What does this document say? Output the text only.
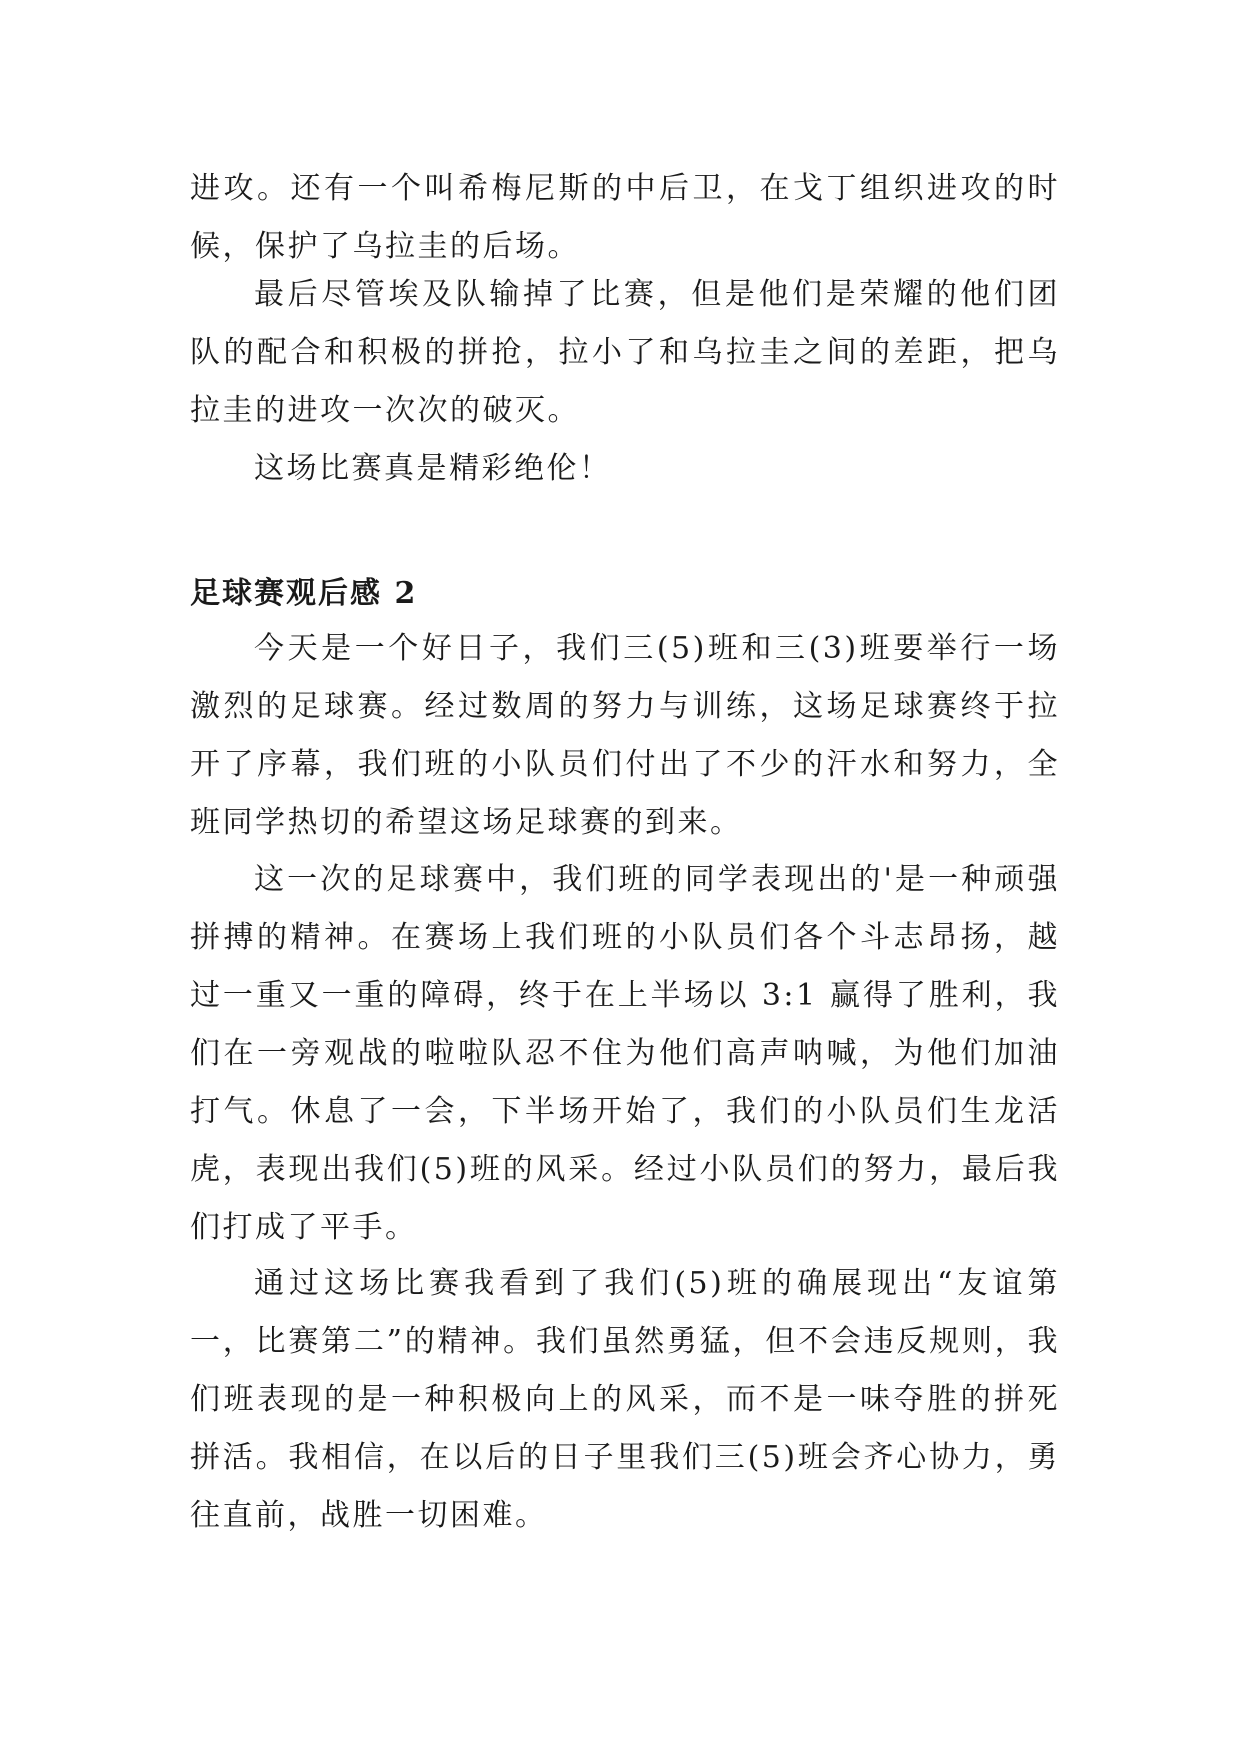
进攻。还有一个叫希梅尼斯的中后卫，在戈丁组织进攻的时候，保护了乌拉圭的后场。

最后尽管埃及队输掉了比赛，但是他们是荣耀的他们团队的配合和积极的拼抢，拉小了和乌拉圭之间的差距，把乌拉圭的进攻一次次的破灭。

这场比赛真是精彩绝伦！

足球赛观后感 2

今天是一个好日子，我们三(5)班和三(3)班要举行一场激烈的足球赛。经过数周的努力与训练，这场足球赛终于拉开了序幕，我们班的小队员们付出了不少的汗水和努力，全班同学热切的希望这场足球赛的到来。

这一次的足球赛中，我们班的同学表现出的'是一种顽强拼搏的精神。在赛场上我们班的小队员们各个斗志昂扬，越过一重又一重的障碍，终于在上半场以 3:1 赢得了胜利，我们在一旁观战的啦啦队忍不住为他们高声呐喊，为他们加油打气。休息了一会，下半场开始了，我们的小队员们生龙活虎，表现出我们(5)班的风采。经过小队员们的努力，最后我们打成了平手。

通过这场比赛我看到了我们(5)班的确展现出“友谊第一，比赛第二”的精神。我们虽然勇猛，但不会违反规则，我们班表现的是一种积极向上的风采，而不是一味夺胜的拼死拼活。我相信，在以后的日子里我们三(5)班会齐心协力，勇往直前，战胜一切困难。
